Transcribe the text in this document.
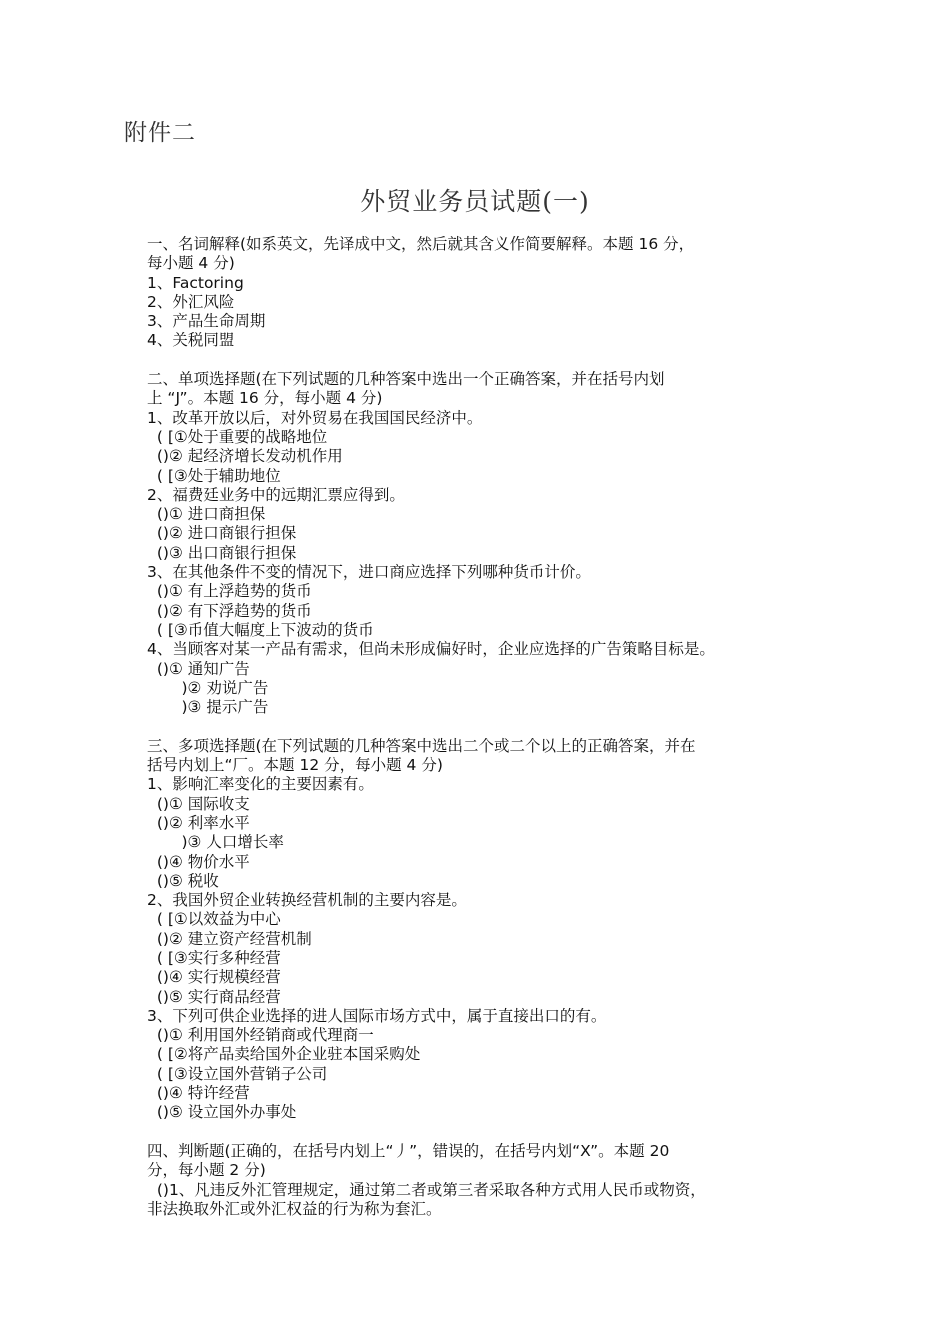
附件二
外贸业务员试题(一)
一、名词解释(如系英文，先译成中文，然后就其含义作简要解释。本题 16 分，
每小题 4 分)
1、Factoring
2、外汇风险
3、产品生命周期
4、关税同盟
二、单项选择题(在下列试题的几种答案中选出一个正确答案，并在括号内划
上 “J”。本题 16 分，每小题 4 分)
1、改革开放以后，对外贸易在我国国民经济中。
( [①处于重要的战略地位
()② 起经济增长发动机作用
( [③处于辅助地位
2、福费廷业务中的远期汇票应得到。
()① 进口商担保
()② 进口商银行担保
()③ 出口商银行担保
3、在其他条件不变的情况下，进口商应选择下列哪种货币计价。
()① 有上浮趋势的货币
()② 有下浮趋势的货币
( [③币值大幅度上下波动的货币
4、当顾客对某一产品有需求，但尚未形成偏好时，企业应选择的广告策略目标是。
()① 通知广告
)② 劝说广告
)③ 提示广告
三、多项选择题(在下列试题的几种答案中选出二个或二个以上的正确答案，并在
括号内划上“厂。本题 12 分，每小题 4 分)
1、影响汇率变化的主要因素有。
()① 国际收支
()② 利率水平
)③ 人口增长率
()④ 物价水平
()⑤ 税收
2、我国外贸企业转换经营机制的主要内容是。
( [①以效益为中心
()② 建立资产经营机制
( [③实行多种经营
()④ 实行规模经营
()⑤ 实行商品经营
3、下列可供企业选择的进人国际市场方式中，属于直接出口的有。
()① 利用国外经销商或代理商一
( [②将产品卖给国外企业驻本国采购处
( [③设立国外营销子公司
()④ 特许经营
()⑤ 设立国外办事处
四、判断题(正确的，在括号内划上“丿”，错误的，在括号内划“X”。本题 20
分，每小题 2 分)
()1、凡违反外汇管理规定，通过第二者或第三者采取各种方式用人民币或物资，
非法换取外汇或外汇权益的行为称为套汇。
